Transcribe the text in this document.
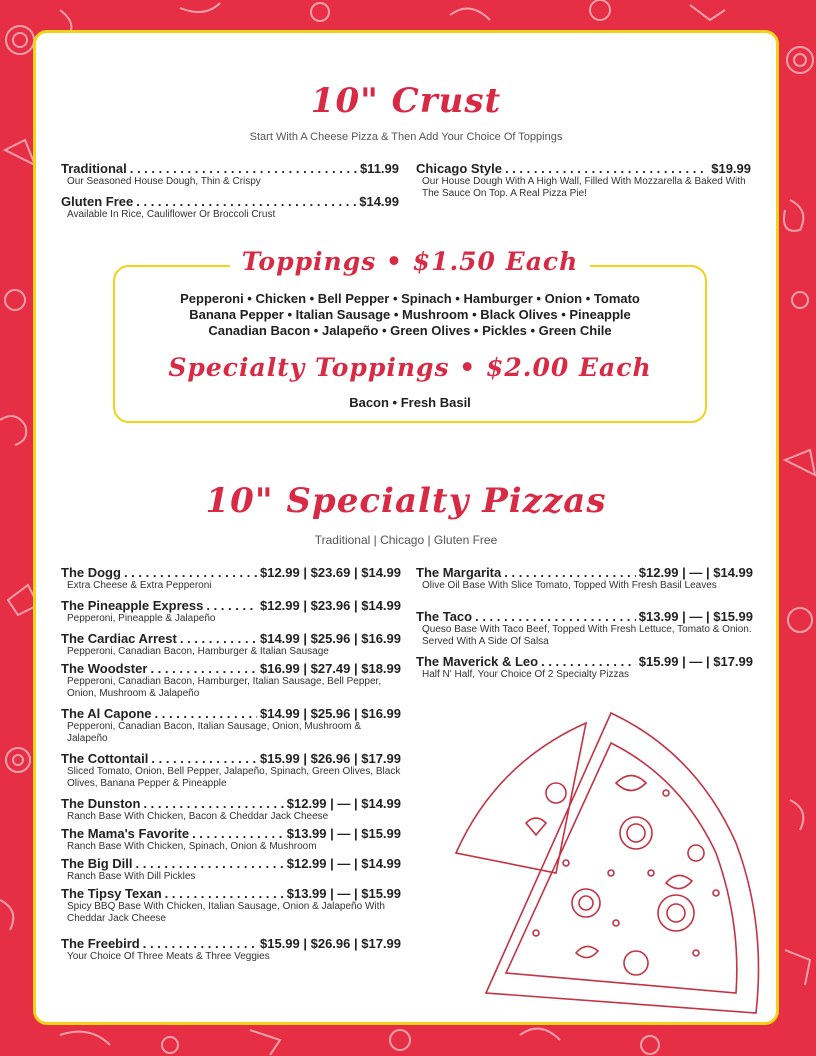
10" Crust
Start With A Cheese Pizza & Then Add Your Choice Of Toppings
Traditional . . .	$11.99
Our Seasoned House Dough, Thin & Crispy
Gluten Free . . .	$14.99
Available In Rice, Cauliflower Or Broccoli Crust
Chicago Style . . .	$19.99
Our House Dough With A High Wall, Filled With Mozzarella & Baked With The Sauce On Top. A Real Pizza Pie!
Toppings • $1.50 Each
Pepperoni • Chicken • Bell Pepper • Spinach • Hamburger • Onion • Tomato
Banana Pepper • Italian Sausage • Mushroom • Black Olives • Pineapple
Canadian Bacon • Jalapeño • Green Olives • Pickles • Green Chile
Specialty Toppings • $2.00 Each
Bacon • Fresh Basil
10" Specialty Pizzas
Traditional | Chicago | Gluten Free
The Dogg . . .	$12.99 | $23.69 | $14.99
Extra Cheese & Extra Pepperoni
The Pineapple Express . . .	$12.99 | $23.96 | $14.99
Pepperoni, Pineapple & Jalapeño
The Cardiac Arrest . . .	$14.99 | $25.96 | $16.99
Pepperoni, Canadian Bacon, Hamburger & Italian Sausage
The Woodster . . .	$16.99 | $27.49 | $18.99
Pepperoni, Canadian Bacon, Hamburger, Italian Sausage, Bell Pepper, Onion, Mushroom & Jalapeño
The Al Capone . . .	$14.99 | $25.96 | $16.99
Pepperoni, Canadian Bacon, Italian Sausage, Onion, Mushroom & Jalapeño
The Cottontail . . .	$15.99 | $26.96 | $17.99
Sliced Tomato, Onion, Bell Pepper, Jalapeño, Spinach, Green Olives, Black Olives, Banana Pepper & Pineapple
The Dunston . . .	$12.99 | — | $14.99
Ranch Base With Chicken, Bacon & Cheddar Jack Cheese
The Mama's Favorite . . .	$13.99 | — | $15.99
Ranch Base With Chicken, Spinach, Onion & Mushroom
The Big Dill . . .	$12.99 | — | $14.99
Ranch Base With Dill Pickles
The Tipsy Texan . . .	$13.99 | — | $15.99
Spicy BBQ Base With Chicken, Italian Sausage, Onion & Jalapeño With Cheddar Jack Cheese
The Freebird . . .	$15.99 | $26.96 | $17.99
Your Choice Of Three Meats & Three Veggies
The Margarita . . .	$12.99 | — | $14.99
Olive Oil Base With Slice Tomato, Topped With Fresh Basil Leaves
The Taco . . .	$13.99 | — | $15.99
Queso Base With Taco Beef, Topped With Fresh Lettuce, Tomato & Onion. Served With A Side Of Salsa
The Maverick & Leo . . .	$15.99 | — | $17.99
Half N' Half, Your Choice Of 2 Specialty Pizzas
